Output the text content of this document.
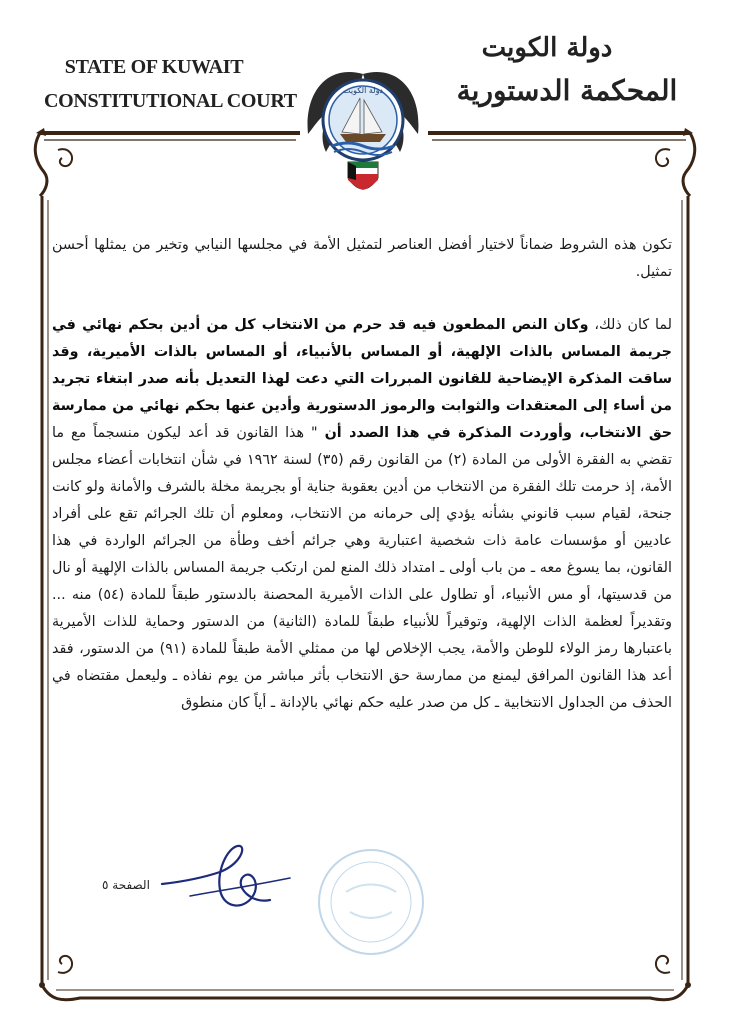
STATE OF KUWAIT
CONSTITUTIONAL COURT
دولة الكويت
المحكمة الدستورية
دولة الكويت

تكون هذه الشروط ضماناً لاختيار أفضل العناصر لتمثيل الأمة في مجلسها النيابي وتخير من يمثلها أحسن تمثيل.

لما كان ذلك، وكان النص المطعون فيه قد حرم من الانتخاب كل من أدين بحكم نهائي في جريمة المساس بالذات الإلهية، أو المساس بالأنبياء، أو المساس بالذات الأميرية، وقد ساقت المذكرة الإيضاحية للقانون المبررات التي دعت لهذا التعديل بأنه صدر ابتغاء تجريد من أساء إلى المعتقدات والثوابت والرموز الدستورية وأدين عنها بحكم نهائي من ممارسة حق الانتخاب، وأوردت المذكرة في هذا الصدد أن " هذا القانون قد أعد ليكون منسجماً مع ما تقضي به الفقرة الأولى من المادة (٢) من القانون رقم (٣٥) لسنة ١٩٦٢ في شأن انتخابات أعضاء مجلس الأمة، إذ حرمت تلك الفقرة من الانتخاب من أدين بعقوبة جناية أو بجريمة مخلة بالشرف والأمانة ولو كانت جنحة، لقيام سبب قانوني بشأنه يؤدي إلى حرمانه من الانتخاب، ومعلوم أن تلك الجرائم تقع على أفراد عاديين أو مؤسسات عامة ذات شخصية اعتبارية وهي جرائم أخف وطأة من الجرائم الواردة في هذا القانون، بما يسوغ معه ـ من باب أولى ـ امتداد ذلك المنع لمن ارتكب جريمة المساس بالذات الإلهية أو نال من قدسيتها، أو مس الأنبياء، أو تطاول على الذات الأميرية المحصنة بالدستور طبقاً للمادة (٥٤) منه ... وتقديراً لعظمة الذات الإلهية، وتوقيراً للأنبياء طبقاً للمادة (الثانية) من الدستور وحماية للذات الأميرية باعتبارها رمز الولاء للوطن والأمة، يجب الإخلاص لها من ممثلي الأمة طبقاً للمادة (٩١) من الدستور، فقد أعد هذا القانون المرافق ليمنع من ممارسة حق الانتخاب بأثر مباشر من يوم نفاذه ـ وليعمل مقتضاه في الحذف من الجداول الانتخابية ـ كل من صدر عليه حكم نهائي بالإدانة ـ أياً كان منطوق

الصفحة ٥
